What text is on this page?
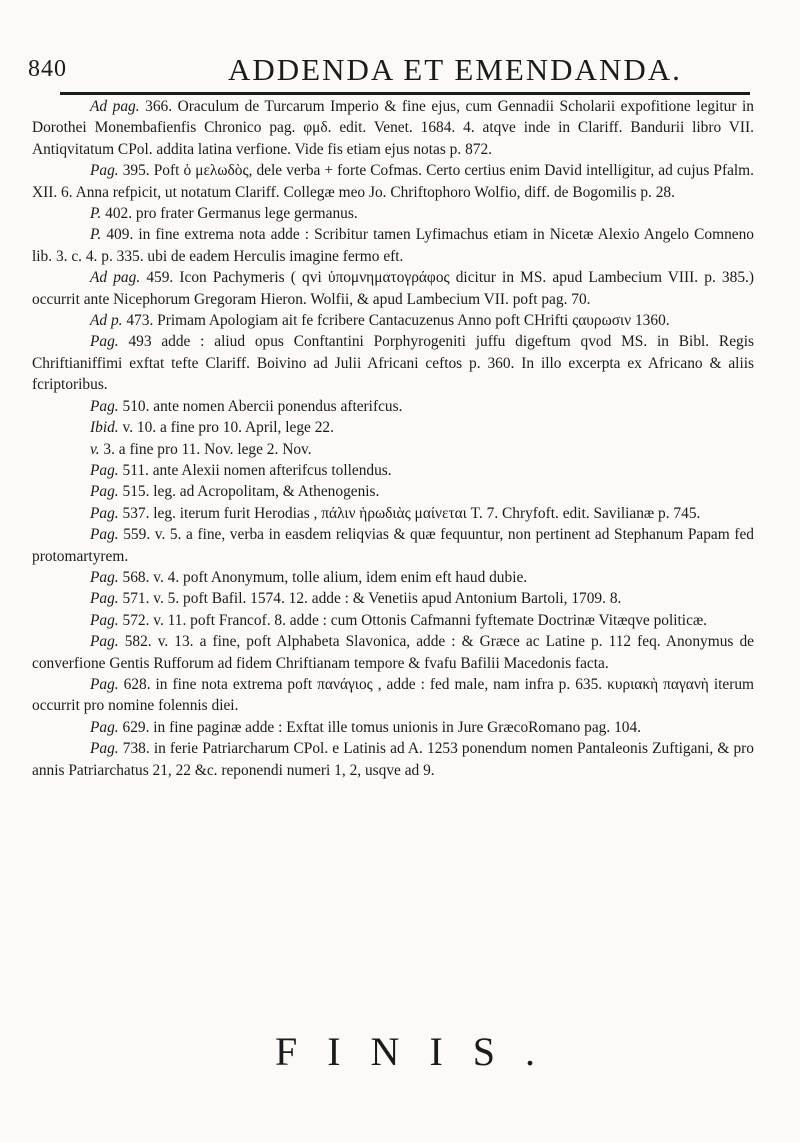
840	ADDENDA ET EMENDANDA.

Ad pag. 366. Oraculum de Turcarum Imperio & fine ejus, cum Gennadii Scholarii expofitione legitur in Dorothei Monembafienfis Chronico pag. φμδ. edit. Venet. 1684. 4. atqve inde in Clariff. Bandurii libro VII. Antiqvitatum CPol. addita latina verfione. Vide fis etiam ejus notas p. 872.

Pag. 395. Poft ὁ μελωδὸς, dele verba + forte Cofmas. Certo certius enim David intelligitur, ad cujus Pfalm. XII. 6. Anna refpicit, ut notatum Clariff. Collegæ meo Jo. Chriftophoro Wolfio, diff. de Bogomilis p. 28.

P. 402. pro frater Germanus lege germanus.

P. 409. in fine extrema nota adde : Scribitur tamen Lyfimachus etiam in Nicetæ Alexio Angelo Comneno lib. 3. c. 4. p. 335. ubi de eadem Herculis imagine fermo eft.

Ad pag. 459. Icon Pachymeris ( qvi ὑπομνηματογράφος dicitur in MS. apud Lambecium VIII. p. 385.) occurrit ante Nicephorum Gregoram Hieron. Wolfii, & apud Lambecium VII. poft pag. 70.

Ad p. 473. Primam Apologiam ait fe fcribere Cantacuzenus Anno poft CHrifti ςαυρωσιν 1360.

Pag. 493 adde : aliud opus Conftantini Porphyrogeniti juffu digeftum qvod MS. in Bibl. Regis Chriftianiffimi exftat tefte Clariff. Boivino ad Julii Africani ceftos p. 360. In illo excerpta ex Africano & aliis fcriptoribus.

Pag. 510. ante nomen Abercii ponendus afterifcus.

Ibid. v. 10. a fine pro 10. April, lege 22.

v. 3. a fine pro 11. Nov. lege 2. Nov.

Pag. 511. ante Alexii nomen afterifcus tollendus.

Pag. 515. leg. ad Acropolitam, & Athenogenis.

Pag. 537. leg. iterum furit Herodias , πάλιν ἡρωδιὰς μαίνεται T. 7. Chryfoft. edit. Savilianæ p. 745.

Pag. 559. v. 5. a fine, verba in easdem reliqvias & quæ fequuntur, non pertinent ad Stephanum Papam fed protomartyrem.

Pag. 568. v. 4. poft Anonymum, tolle alium, idem enim eft haud dubie.

Pag. 571. v. 5. poft Bafil. 1574. 12. adde : & Venetiis apud Antonium Bartoli, 1709. 8.

Pag. 572. v. 11. poft Francof. 8. adde : cum Ottonis Cafmanni fyftemate Doctrinæ Vitæqve politicæ.

Pag. 582. v. 13. a fine, poft Alphabeta Slavonica, adde : & Græce ac Latine p. 112 feq. Anonymus de converfione Gentis Rufforum ad fidem Chriftianam tempore & fvafu Bafilii Macedonis facta.

Pag. 628. in fine nota extrema poft πανάγιος , adde : fed male, nam infra p. 635. κυριακὴ παγανὴ iterum occurrit pro nomine folennis diei.

Pag. 629. in fine paginæ adde : Exftat ille tomus unionis in Jure GræcoRomano pag. 104.

Pag. 738. in ferie Patriarcharum CPol. e Latinis ad A. 1253 ponendum nomen Pantaleonis Zuftigani, & pro annis Patriarchatus 21, 22 &c. reponendi numeri 1, 2, usqve ad 9.

FINIS.
